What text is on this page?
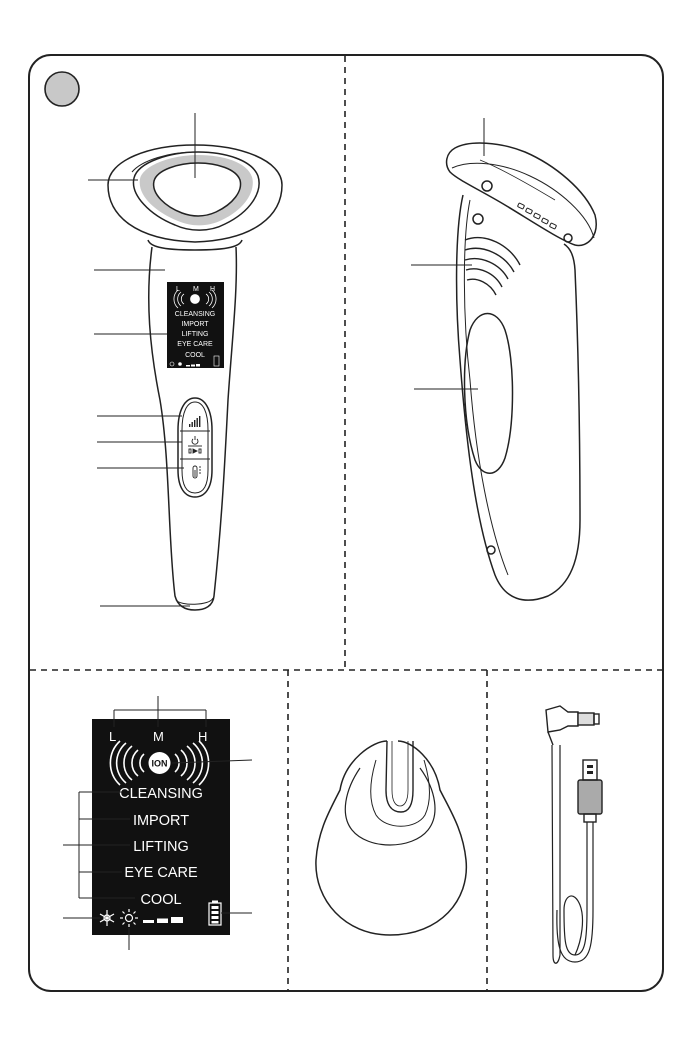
L M H
CLEANSING
IMPORT
LIFTING
EYE CARE
COOL
L	M	H
ION
CLEANSING
IMPORT
LIFTING
EYE CARE
COOL
